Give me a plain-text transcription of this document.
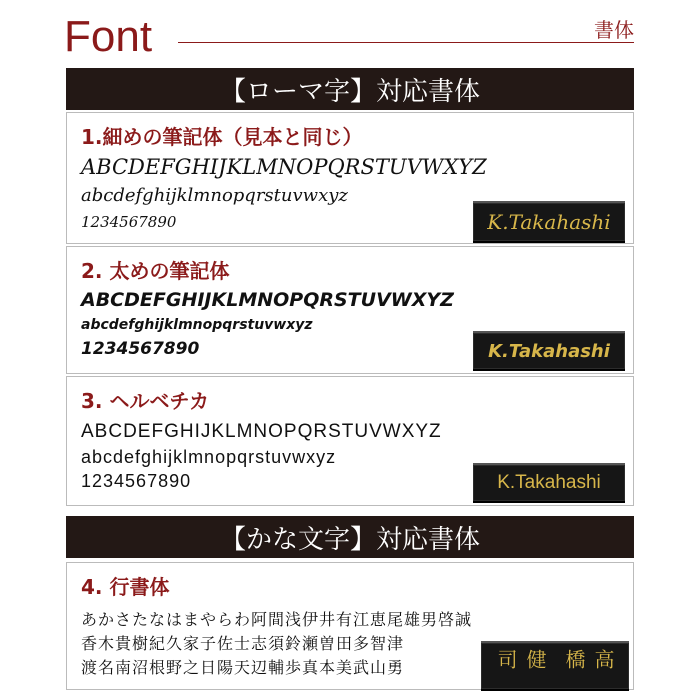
Font	書体
【ローマ字】対応書体
1.細めの筆記体（見本と同じ）
ABCDEFGHIJKLMNOPQRSTUVWXYZ
abcdefghijklmnopqrstuvwxyz
1234567890	K.Takahashi
2. 太めの筆記体
ABCDEFGHIJKLMNOPQRSTUVWXYZ
abcdefghijklmnopqrstuvwxyz
1234567890	K.Takahashi
3. ヘルベチカ
ABCDEFGHIJKLMNOPQRSTUVWXYZ
abcdefghijklmnopqrstuvwxyz
1234567890	K.Takahashi
【かな文字】対応書体
4. 行書体
あかさたなはまやらわ阿間浅伊井有江恵尾雄男啓誠
香木貴樹紀久家子佐士志須鈴瀬曽田多智津
渡名南沼根野之日陽天辺輔歩真本美武山勇	高橋
健司
